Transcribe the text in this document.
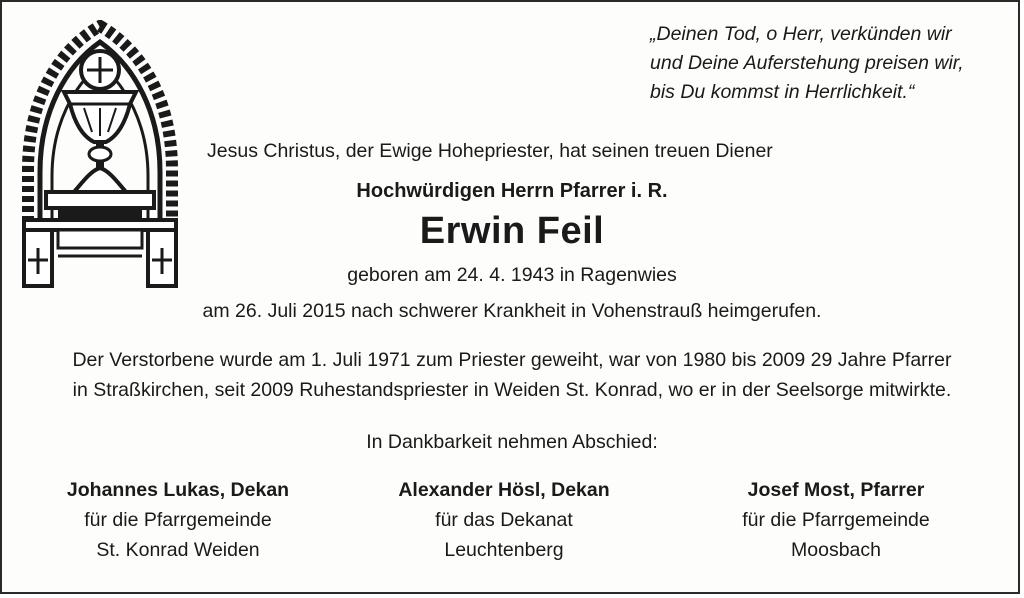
„Deinen Tod, o Herr, verkünden wir
und Deine Auferstehung preisen wir,
bis Du kommst in Herrlichkeit.“
Jesus Christus, der Ewige Hohepriester, hat seinen treuen Diener
Hochwürdigen Herrn Pfarrer i. R.
Erwin Feil
geboren am 24. 4. 1943 in Ragenwies
am 26. Juli 2015 nach schwerer Krankheit in Vohenstrauß heimgerufen.
Der Verstorbene wurde am 1. Juli 1971 zum Priester geweiht, war von 1980 bis 2009 29 Jahre Pfarrer
in Straßkirchen, seit 2009 Ruhestandspriester in Weiden St. Konrad, wo er in der Seelsorge mitwirkte.
In Dankbarkeit nehmen Abschied:
Johannes Lukas, Dekan
für die Pfarrgemeinde
St. Konrad Weiden
Alexander Hösl, Dekan
für das Dekanat
Leuchtenberg
Josef Most, Pfarrer
für die Pfarrgemeinde
Moosbach
